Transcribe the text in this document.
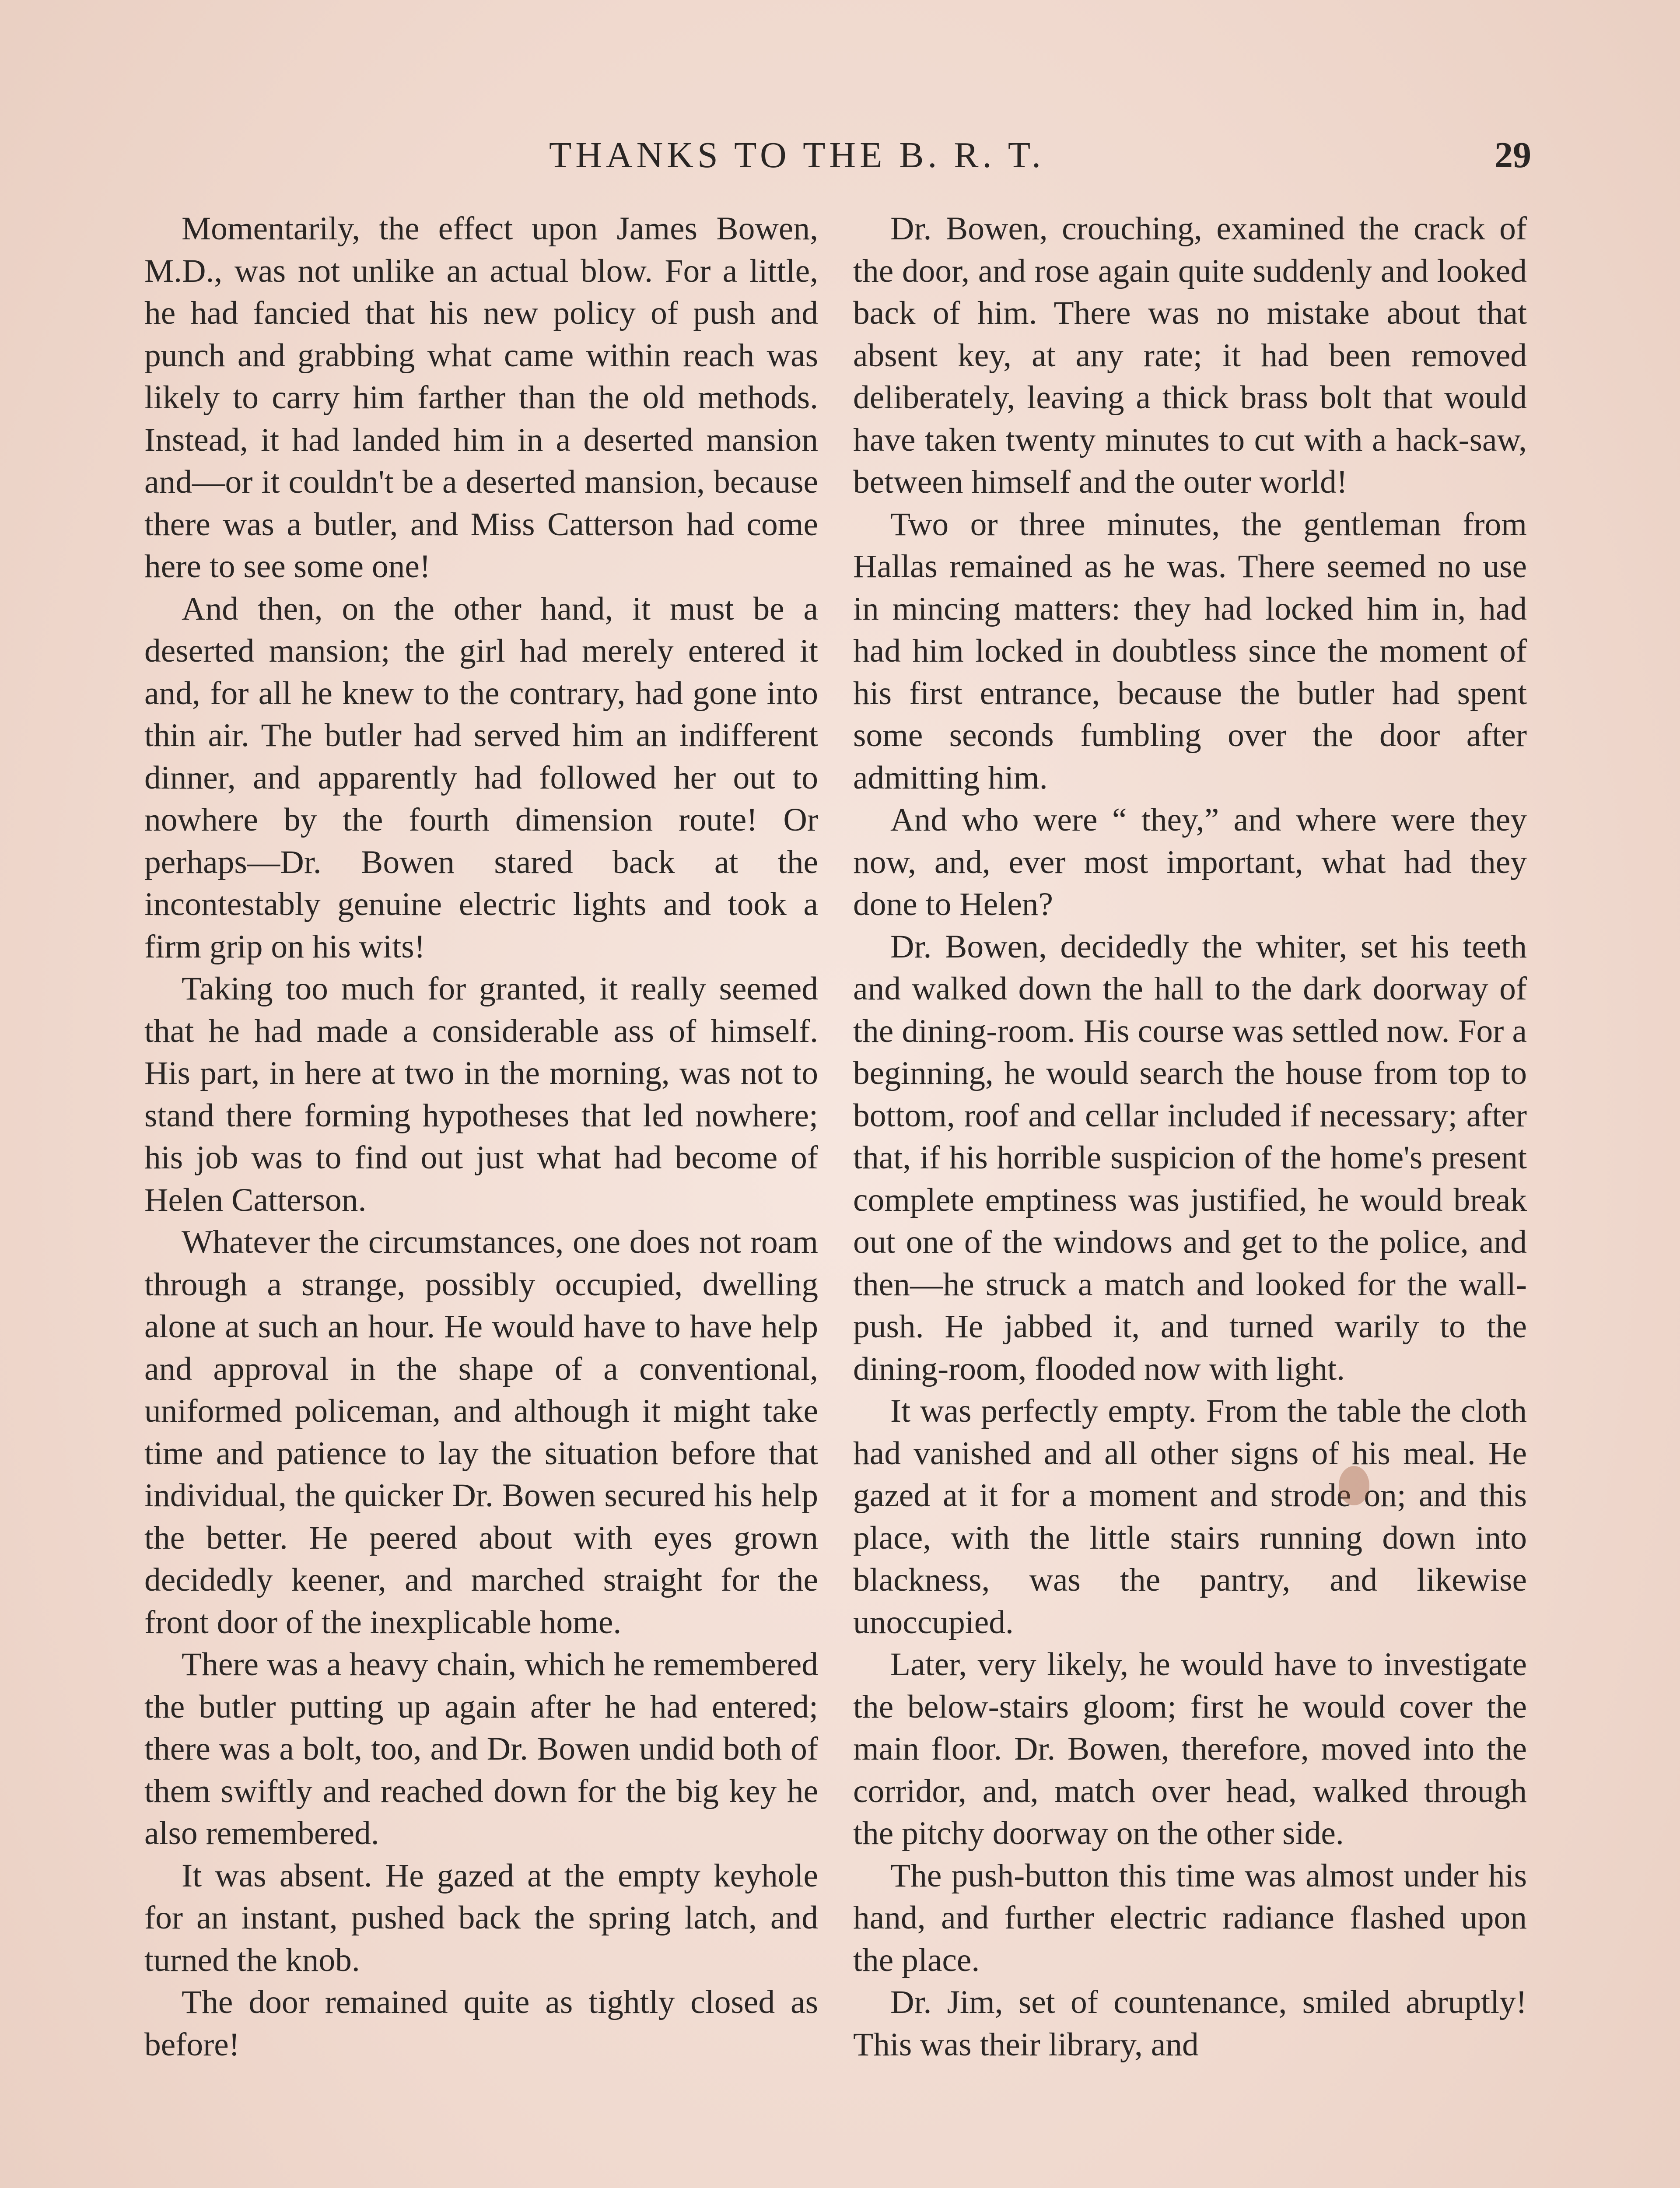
THANKS TO THE B. R. T.	29

Momentarily, the effect upon James Bowen, M.D., was not unlike an actual blow. For a little, he had fancied that his new policy of push and punch and grabbing what came within reach was likely to carry him farther than the old methods. Instead, it had landed him in a deserted mansion and—or it couldn't be a deserted mansion, because there was a butler, and Miss Catterson had come here to see some one!

And then, on the other hand, it must be a deserted mansion; the girl had merely entered it and, for all he knew to the contrary, had gone into thin air. The butler had served him an indifferent dinner, and apparently had followed her out to nowhere by the fourth dimension route! Or perhaps—Dr. Bowen stared back at the incontestably genuine electric lights and took a firm grip on his wits!

Taking too much for granted, it really seemed that he had made a considerable ass of himself. His part, in here at two in the morning, was not to stand there forming hypotheses that led nowhere; his job was to find out just what had become of Helen Catterson.

Whatever the circumstances, one does not roam through a strange, possibly occupied, dwelling alone at such an hour. He would have to have help and approval in the shape of a conventional, uniformed policeman, and although it might take time and patience to lay the situation before that individual, the quicker Dr. Bowen secured his help the better. He peered about with eyes grown decidedly keener, and marched straight for the front door of the inexplicable home.

There was a heavy chain, which he remembered the butler putting up again after he had entered; there was a bolt, too, and Dr. Bowen undid both of them swiftly and reached down for the big key he also remembered.

It was absent. He gazed at the empty keyhole for an instant, pushed back the spring latch, and turned the knob.

The door remained quite as tightly closed as before!

Dr. Bowen, crouching, examined the crack of the door, and rose again quite suddenly and looked back of him. There was no mistake about that absent key, at any rate; it had been removed deliberately, leaving a thick brass bolt that would have taken twenty minutes to cut with a hack-saw, between himself and the outer world!

Two or three minutes, the gentleman from Hallas remained as he was. There seemed no use in mincing matters: they had locked him in, had had him locked in doubtless since the moment of his first entrance, because the butler had spent some seconds fumbling over the door after admitting him.

And who were “ they,” and where were they now, and, ever most important, what had they done to Helen?

Dr. Bowen, decidedly the whiter, set his teeth and walked down the hall to the dark doorway of the dining-room. His course was settled now. For a beginning, he would search the house from top to bottom, roof and cellar included if necessary; after that, if his horrible suspicion of the home's present complete emptiness was justified, he would break out one of the windows and get to the police, and then—he struck a match and looked for the wall-push. He jabbed it, and turned warily to the dining-room, flooded now with light.

It was perfectly empty. From the table the cloth had vanished and all other signs of his meal. He gazed at it for a moment and strode on; and this place, with the little stairs running down into blackness, was the pantry, and likewise unoccupied.

Later, very likely, he would have to investigate the below-stairs gloom; first he would cover the main floor. Dr. Bowen, therefore, moved into the corridor, and, match over head, walked through the pitchy doorway on the other side.

The push-button this time was almost under his hand, and further electric radiance flashed upon the place.

Dr. Jim, set of countenance, smiled abruptly! This was their library, and
